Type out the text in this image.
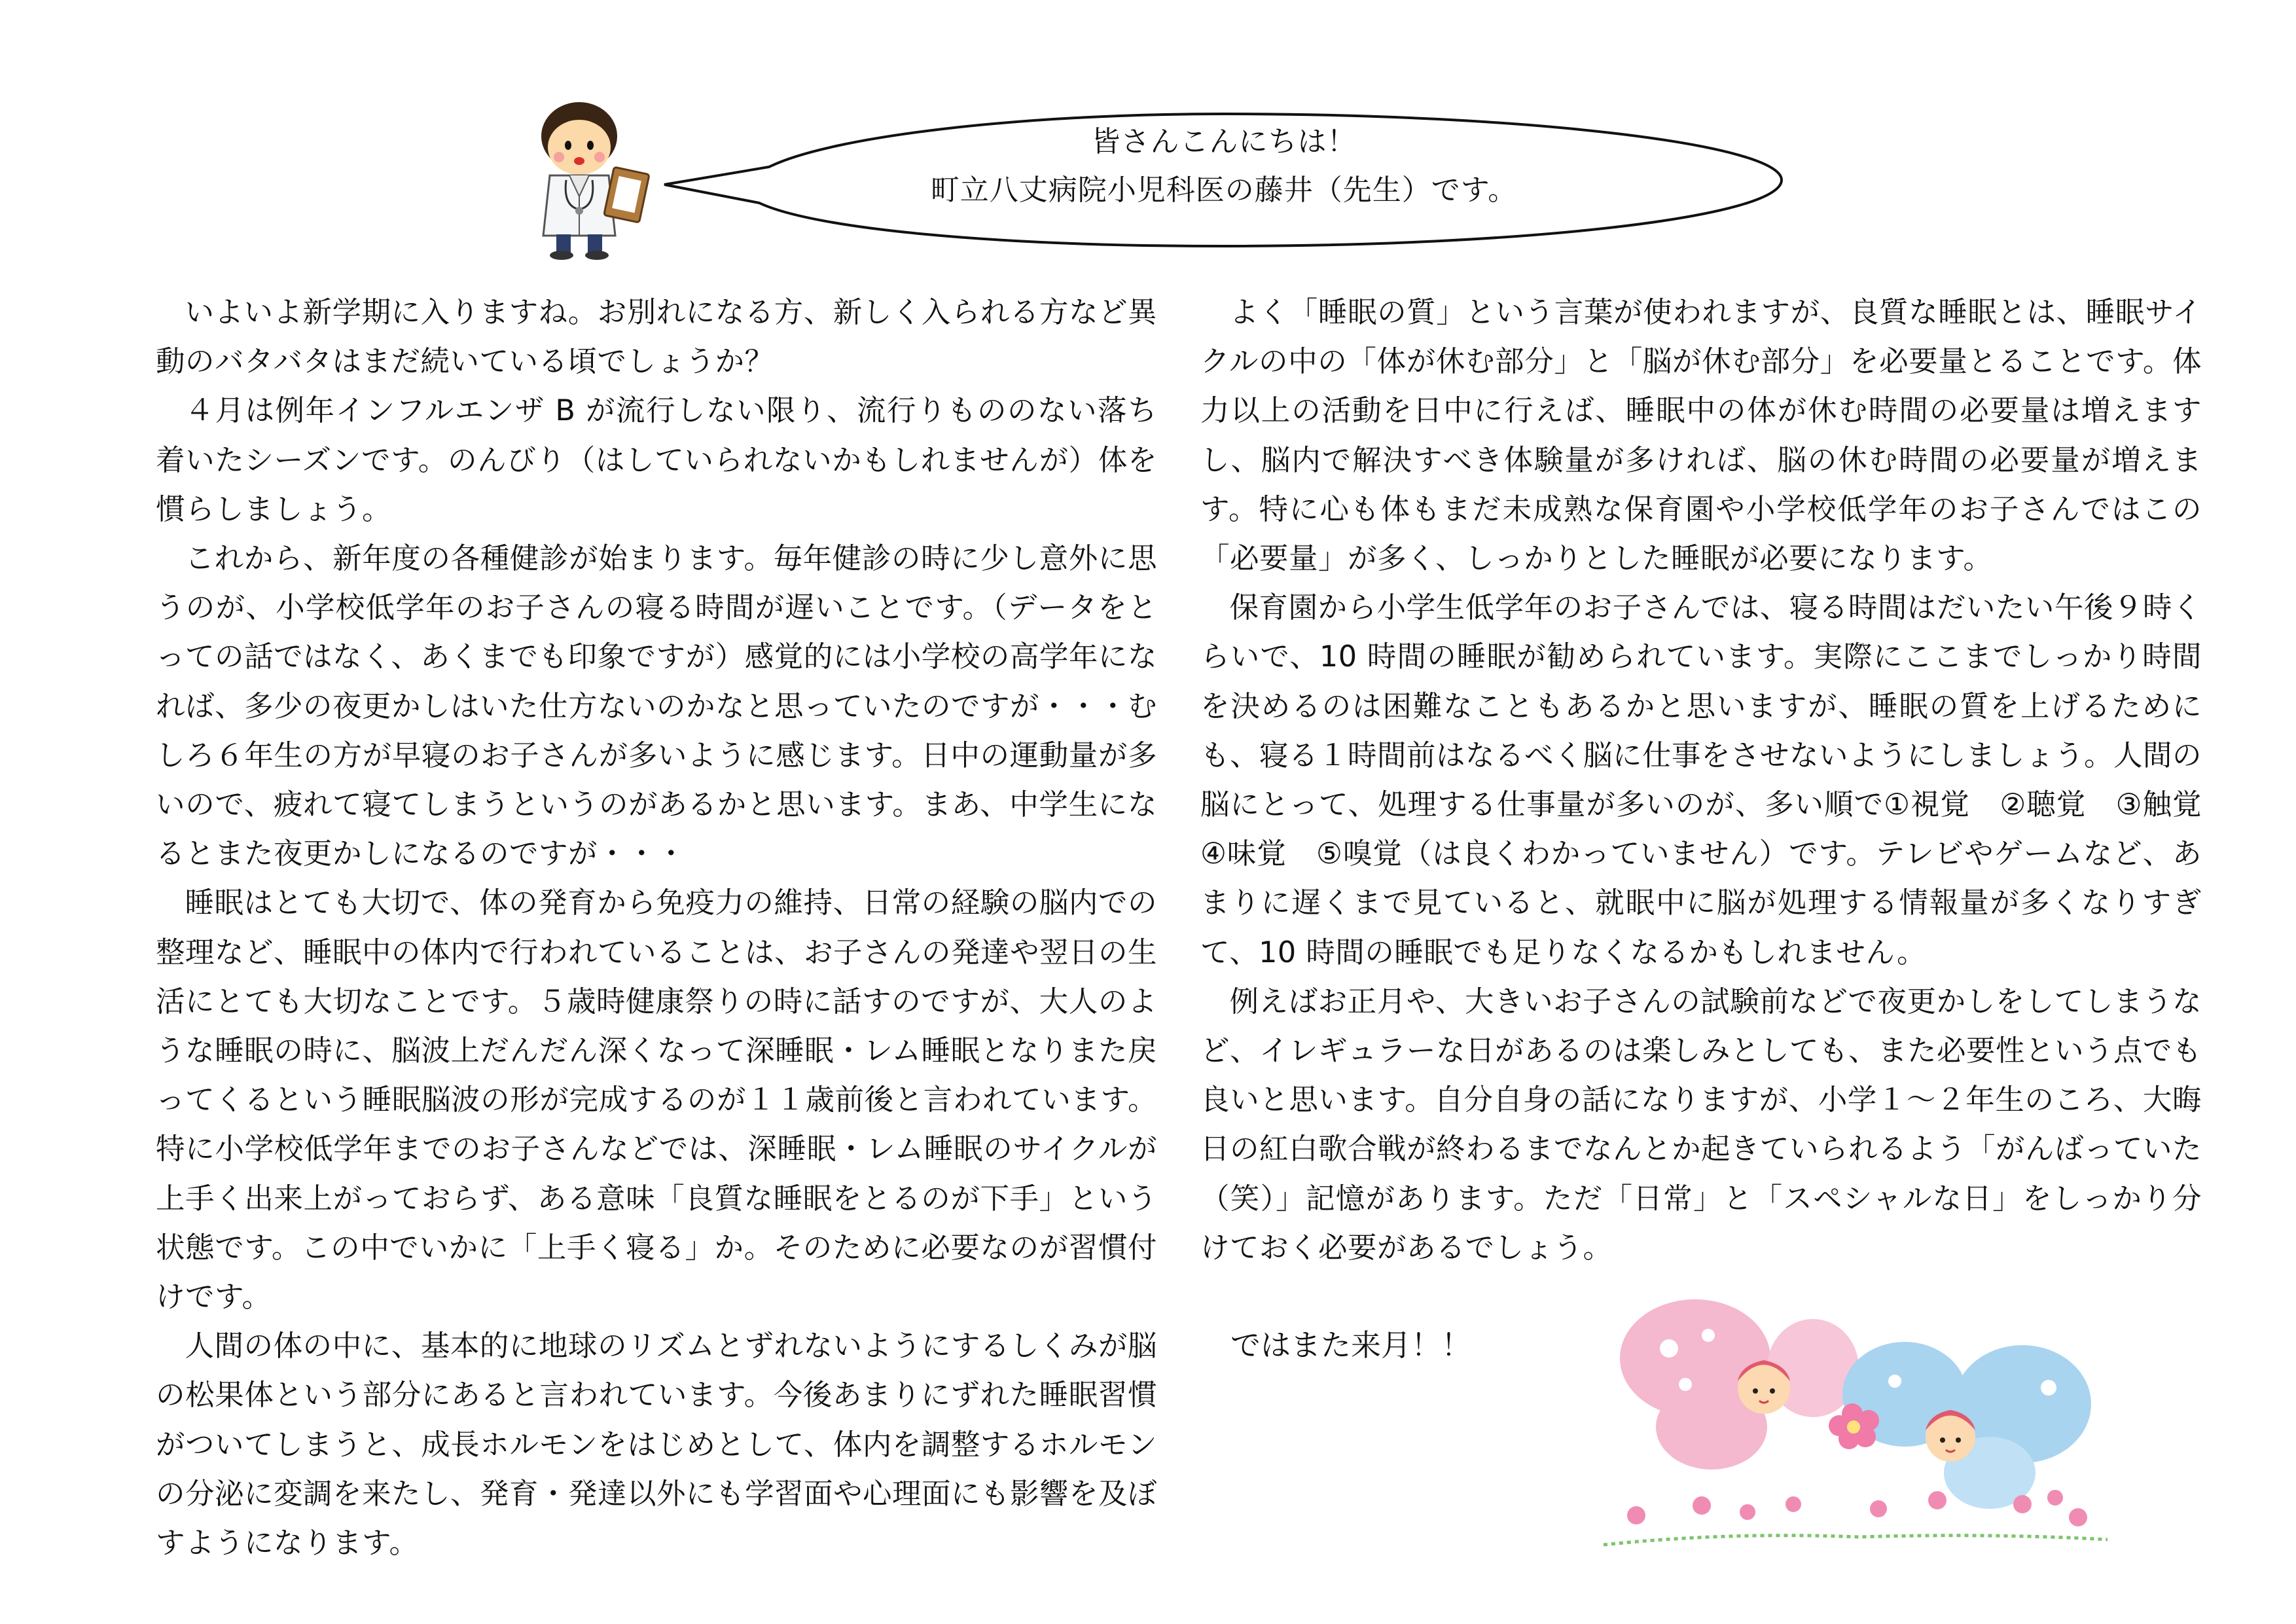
皆さんこんにちは！
町立八丈病院小児科医の藤井（先生）です。

いよいよ新学期に入りますね。お別れになる方、新しく入られる方など異動のバタバタはまだ続いている頃でしょうか？

４月は例年インフルエンザ B が流行しない限り、流行りもののない落ち着いたシーズンです。のんびり（はしていられないかもしれませんが）体を慣らしましょう。

これから、新年度の各種健診が始まります。毎年健診の時に少し意外に思うのが、小学校低学年のお子さんの寝る時間が遅いことです。（データをとっての話ではなく、あくまでも印象ですが）感覚的には小学校の高学年になれば、多少の夜更かしはいた仕方ないのかなと思っていたのですが・・・むしろ６年生の方が早寝のお子さんが多いように感じます。日中の運動量が多いので、疲れて寝てしまうというのがあるかと思います。まあ、中学生になるとまた夜更かしになるのですが・・・

睡眠はとても大切で、体の発育から免疫力の維持、日常の経験の脳内での整理など、睡眠中の体内で行われていることは、お子さんの発達や翌日の生活にとても大切なことです。５歳時健康祭りの時に話すのですが、大人のような睡眠の時に、脳波上だんだん深くなって深睡眠・レム睡眠となりまた戻ってくるという睡眠脳波の形が完成するのが１１歳前後と言われています。特に小学校低学年までのお子さんなどでは、深睡眠・レム睡眠のサイクルが上手く出来上がっておらず、ある意味「良質な睡眠をとるのが下手」という状態です。この中でいかに「上手く寝る」か。そのために必要なのが習慣付けです。

人間の体の中に、基本的に地球のリズムとずれないようにするしくみが脳の松果体という部分にあると言われています。今後あまりにずれた睡眠習慣がついてしまうと、成長ホルモンをはじめとして、体内を調整するホルモンの分泌に変調を来たし、発育・発達以外にも学習面や心理面にも影響を及ぼすようになります。

よく「睡眠の質」という言葉が使われますが、良質な睡眠とは、睡眠サイクルの中の「体が休む部分」と「脳が休む部分」を必要量とることです。体力以上の活動を日中に行えば、睡眠中の体が休む時間の必要量は増えますし、脳内で解決すべき体験量が多ければ、脳の休む時間の必要量が増えます。特に心も体もまだ未成熟な保育園や小学校低学年のお子さんではこの「必要量」が多く、しっかりとした睡眠が必要になります。

保育園から小学生低学年のお子さんでは、寝る時間はだいたい午後９時くらいで、10 時間の睡眠が勧められています。実際にここまでしっかり時間を決めるのは困難なこともあるかと思いますが、睡眠の質を上げるためにも、寝る１時間前はなるべく脳に仕事をさせないようにしましょう。人間の脳にとって、処理する仕事量が多いのが、多い順で①視覚　②聴覚　③触覚　④味覚　⑤嗅覚（は良くわかっていません）です。テレビやゲームなど、あまりに遅くまで見ていると、就眠中に脳が処理する情報量が多くなりすぎて、10 時間の睡眠でも足りなくなるかもしれません。

例えばお正月や、大きいお子さんの試験前などで夜更かしをしてしまうなど、イレギュラーな日があるのは楽しみとしても、また必要性という点でも良いと思います。自分自身の話になりますが、小学１～２年生のころ、大晦日の紅白歌合戦が終わるまでなんとか起きていられるよう「がんばっていた（笑）」記憶があります。ただ「日常」と「スペシャルな日」をしっかり分けておく必要があるでしょう。

ではまた来月！！
